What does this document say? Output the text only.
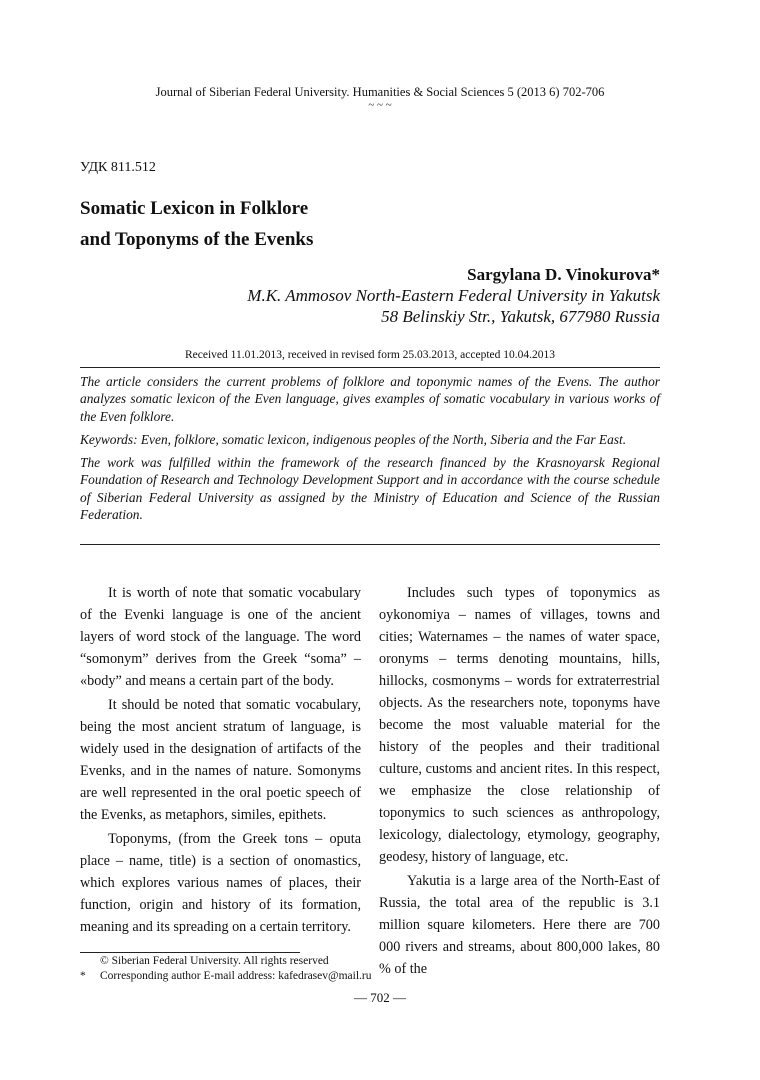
Journal of Siberian Federal University. Humanities & Social Sciences 5 (2013 6) 702-706
~ ~ ~
УДК 811.512
Somatic Lexicon in Folklore
and Toponyms of the Evenks
Sargylana D. Vinokurova*
M.K. Ammosov North-Eastern Federal University in Yakutsk
58 Belinskiy Str., Yakutsk, 677980 Russia
Received 11.01.2013, received in revised form 25.03.2013, accepted 10.04.2013

The article considers the current problems of folklore and toponymic names of the Evens. The author analyzes somatic lexicon of the Even language, gives examples of somatic vocabulary in various works of the Even folklore.

Keywords: Even, folklore, somatic lexicon, indigenous peoples of the North, Siberia and the Far East.

The work was fulfilled within the framework of the research financed by the Krasnoyarsk Regional Foundation of Research and Technology Development Support and in accordance with the course schedule of Siberian Federal University as assigned by the Ministry of Education and Science of the Russian Federation.

It is worth of note that somatic vocabulary of the Evenki language is one of the ancient layers of word stock of the language. The word “somonym” derives from the Greek “soma” – «body” and means a certain part of the body.

It should be noted that somatic vocabulary, being the most ancient stratum of language, is widely used in the designation of artifacts of the Evenks, and in the names of nature. Somonyms are well represented in the oral poetic speech of the Evenks, as metaphors, similes, epithets.

Toponyms, (from the Greek tons – oputa place – name, title) is a section of onomastics, which explores various names of places, their function, origin and history of its formation, meaning and its spreading on a certain territory.

Includes such types of toponymics as oykonomiya – names of villages, towns and cities; Waternames – the names of water space, oronyms – terms denoting mountains, hills, hillocks, cosmonyms – words for extraterrestrial objects. As the researchers note, toponyms have become the most valuable material for the history of the peoples and their traditional culture, customs and ancient rites. In this respect, we emphasize the close relationship of toponymics to such sciences as anthropology, lexicology, dialectology, etymology, geography, geodesy, history of language, etc.

Yakutia is a large area of the North-East of Russia, the total area of the republic is 3.1 million square kilometers. Here there are 700 000 rivers and streams, about 800,000 lakes, 80 % of the

© Siberian Federal University. All rights reserved
* Corresponding author E-mail address: kafedrasev@mail.ru
— 702 —
